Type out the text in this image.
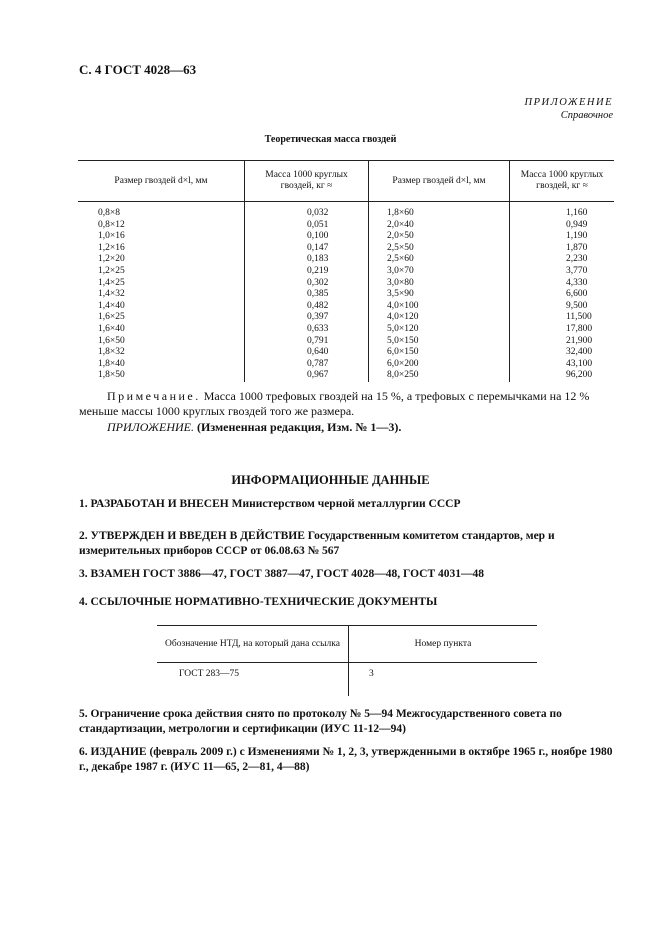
С. 4 ГОСТ 4028—63
ПРИЛОЖЕНИЕ
Справочное
Теоретическая масса гвоздей
Размер гвоздей d×l, мм	Масса 1000 круглых гвоздей, кг ≈	Размер гвоздей d×l, мм	Масса 1000 круглых гвоздей, кг ≈
0,8×8	0,032	1,8×60	1,160
0,8×12	0,051	2,0×40	0,949
1,0×16	0,100	2,0×50	1,190
1,2×16	0,147	2,5×50	1,870
1,2×20	0,183	2,5×60	2,230
1,2×25	0,219	3,0×70	3,770
1,4×25	0,302	3,0×80	4,330
1,4×32	0,385	3,5×90	6,600
1,4×40	0,482	4,0×100	9,500
1,6×25	0,397	4,0×120	11,500
1,6×40	0,633	5,0×120	17,800
1,6×50	0,791	5,0×150	21,900
1,8×32	0,640	6,0×150	32,400
1,8×40	0,787	6,0×200	43,100
1,8×50	0,967	8,0×250	96,200
Примечание. Масса 1000 трефовых гвоздей на 15 %, а трефовых с перемычками на 12 % меньше массы 1000 круглых гвоздей того же размера.
ПРИЛОЖЕНИЕ. (Измененная редакция, Изм. № 1—3).
ИНФОРМАЦИОННЫЕ ДАННЫЕ
1. РАЗРАБОТАН И ВНЕСЕН Министерством черной металлургии СССР
2. УТВЕРЖДЕН И ВВЕДЕН В ДЕЙСТВИЕ Государственным комитетом стандартов, мер и измерительных приборов СССР от 06.08.63 № 567
3. ВЗАМЕН ГОСТ 3886—47, ГОСТ 3887—47, ГОСТ 4028—48, ГОСТ 4031—48
4. ССЫЛОЧНЫЕ НОРМАТИВНО-ТЕХНИЧЕСКИЕ ДОКУМЕНТЫ
Обозначение НТД, на который дана ссылка	Номер пункта
ГОСТ 283—75	3
5. Ограничение срока действия снято по протоколу № 5—94 Межгосударственного совета по стандартизации, метрологии и сертификации (ИУС 11-12—94)
6. ИЗДАНИЕ (февраль 2009 г.) с Изменениями № 1, 2, 3, утвержденными в октябре 1965 г., ноябре 1980 г., декабре 1987 г. (ИУС 11—65, 2—81, 4—88)
